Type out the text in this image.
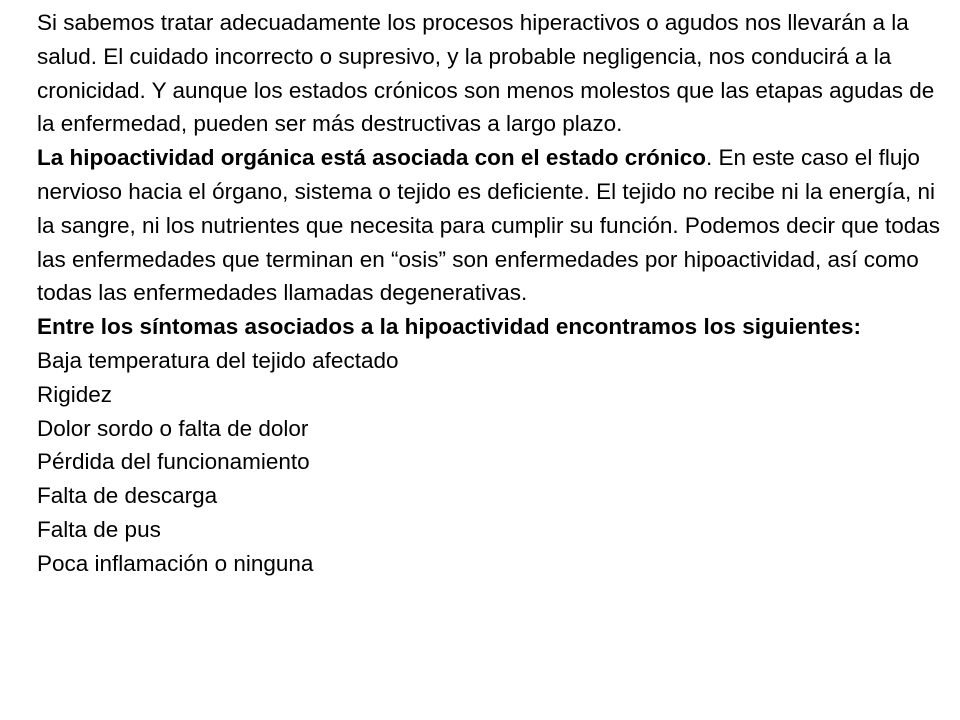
Si sabemos tratar adecuadamente los procesos hiperactivos o agudos nos llevarán a la salud. El cuidado incorrecto o supresivo, y la probable negligencia, nos conducirá a la cronicidad. Y aunque los estados crónicos son menos molestos que las etapas agudas de la enfermedad, pueden ser más destructivas a largo plazo.

La hipoactividad orgánica está asociada con el estado crónico. En este caso el flujo nervioso hacia el órgano, sistema o tejido es deficiente. El tejido no recibe ni la energía, ni la sangre, ni los nutrientes que necesita para cumplir su función. Podemos decir que todas las enfermedades que terminan en “osis” son enfermedades por hipoactividad, así como todas las enfermedades llamadas degenerativas.

Entre los síntomas asociados a la hipoactividad encontramos los siguientes:

Baja temperatura del tejido afectado
Rigidez
Dolor sordo o falta de dolor
Pérdida del funcionamiento
Falta de descarga
Falta de pus
Poca inflamación o ninguna
